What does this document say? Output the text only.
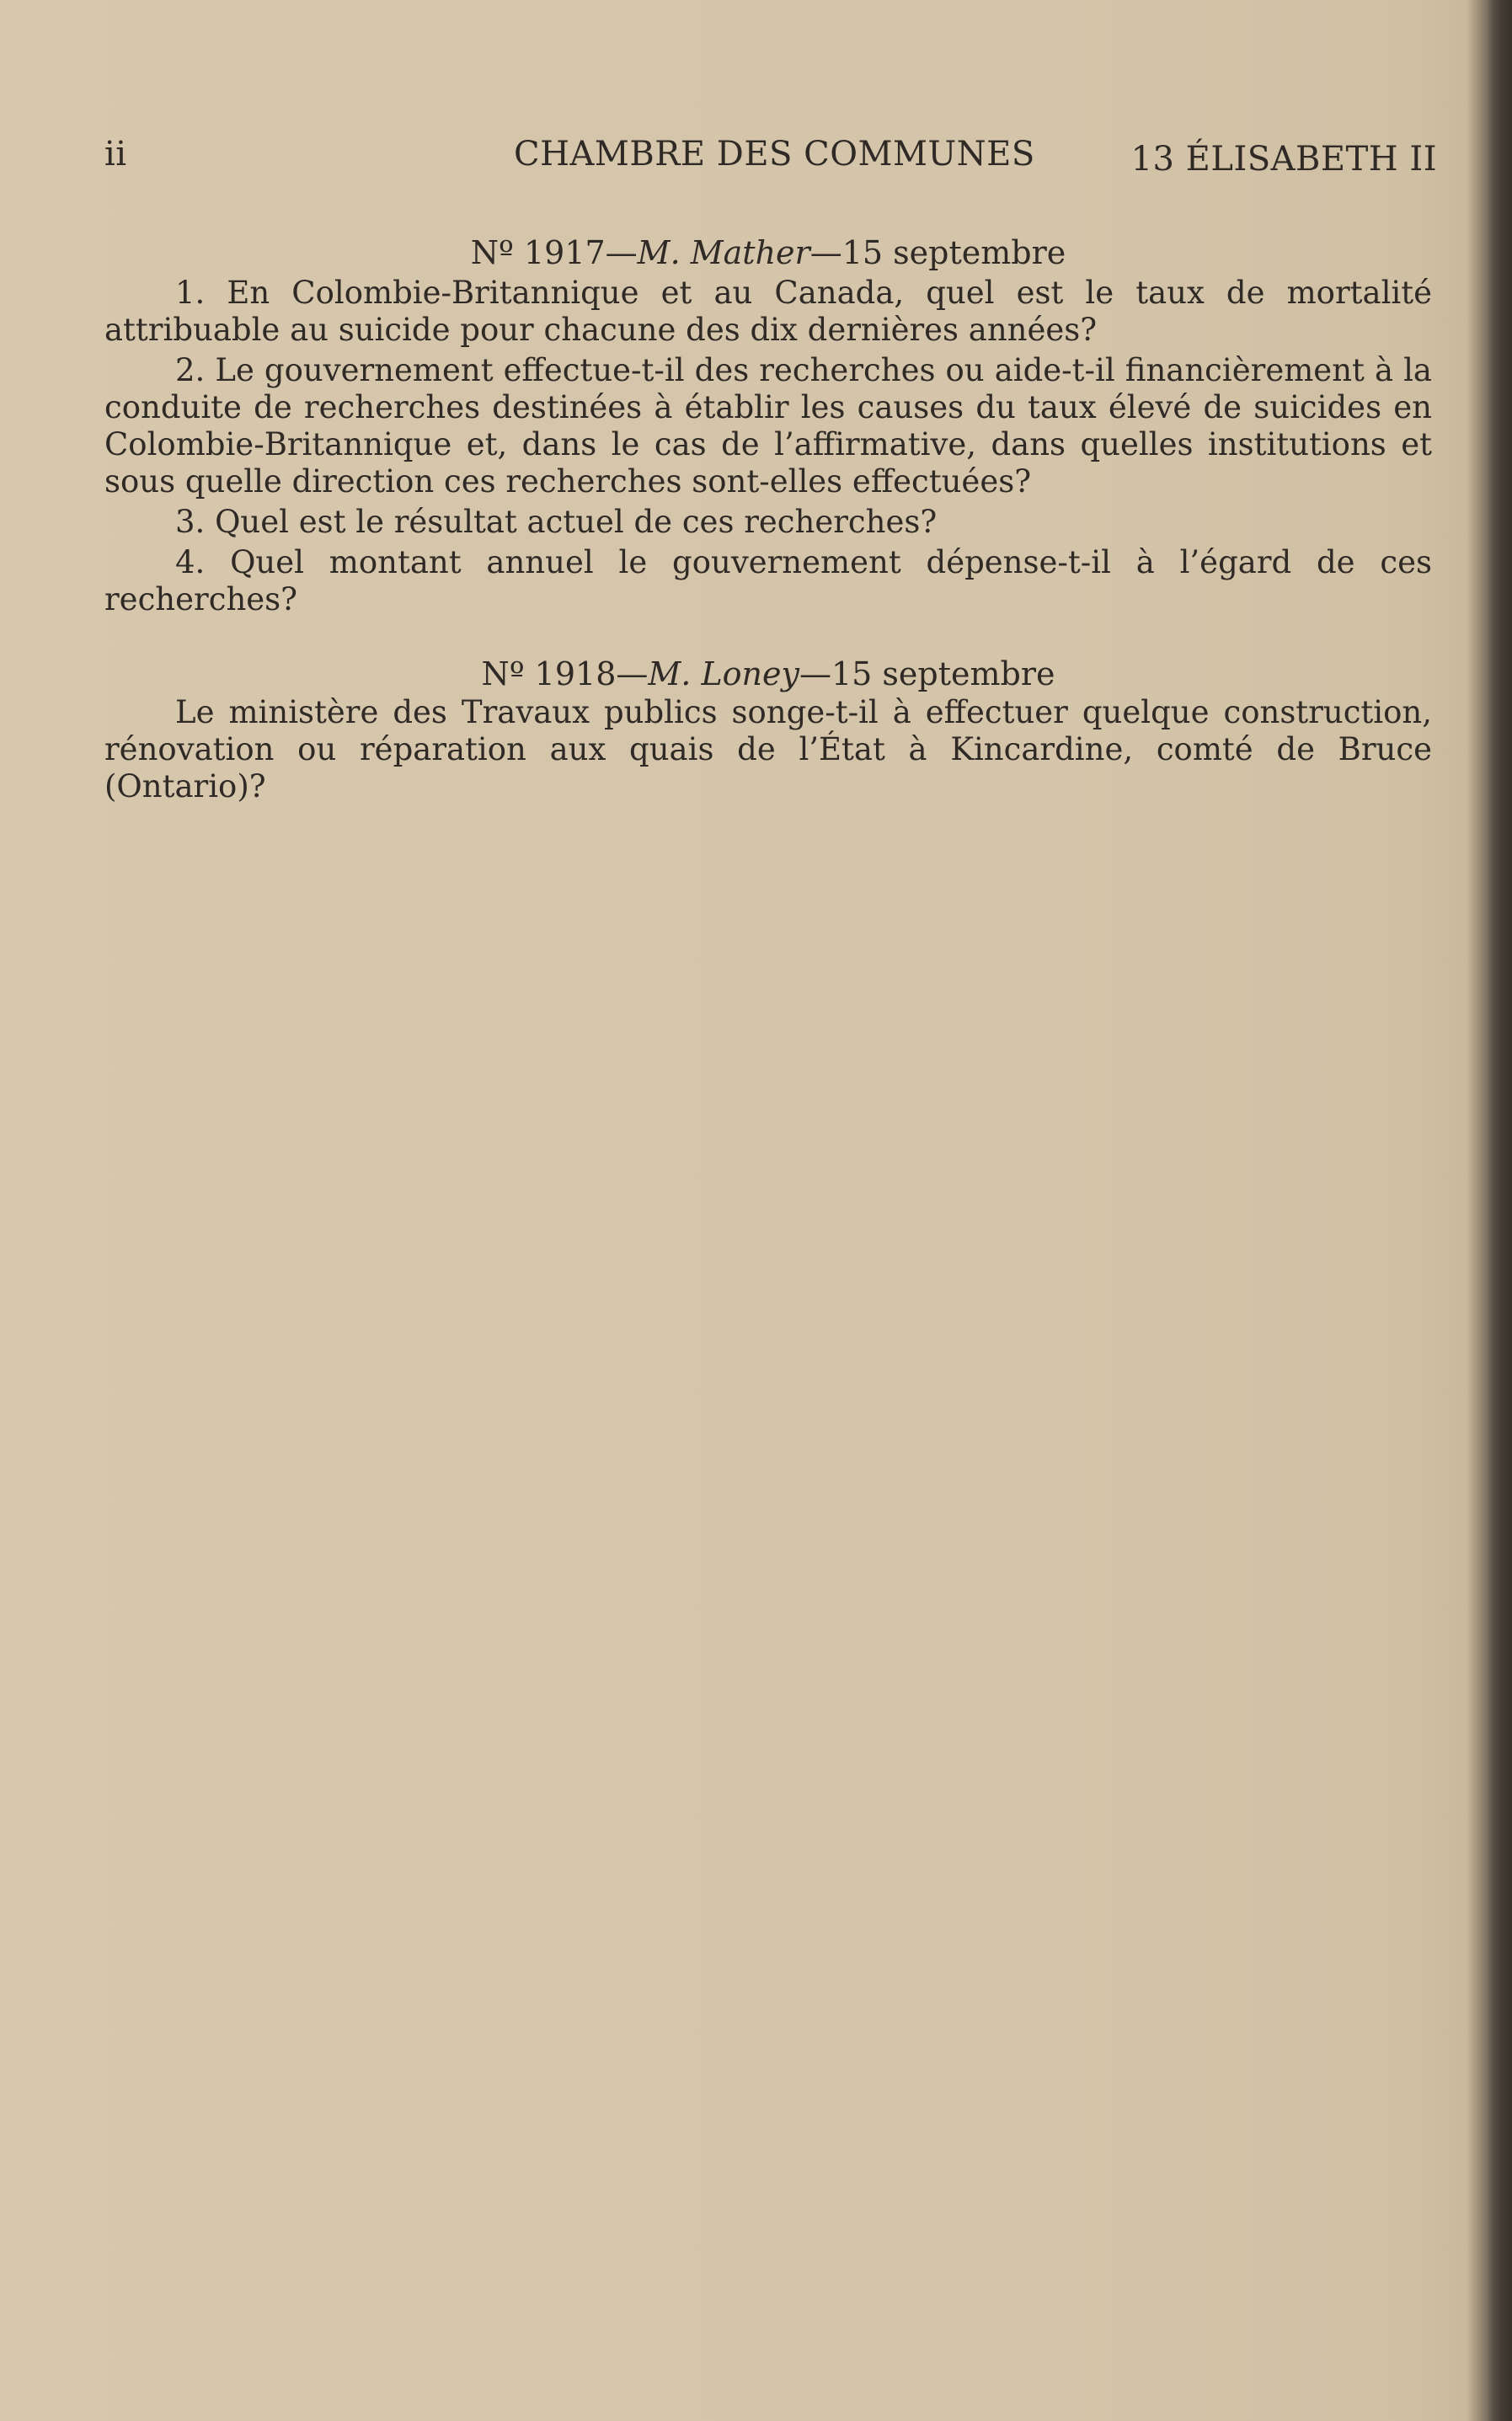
ii	CHAMBRE DES COMMUNES	13 ÉLISABETH II
Nº 1917—M. Mather—15 septembre

1. En Colombie-Britannique et au Canada, quel est le taux de mortalité attribuable au suicide pour chacune des dix dernières années?

2. Le gouvernement effectue-t-il des recherches ou aide-t-il financièrement à la conduite de recherches destinées à établir les causes du taux élevé de suicides en Colombie-Britannique et, dans le cas de l’affirmative, dans quelles institutions et sous quelle direction ces recherches sont-elles effectuées?

3. Quel est le résultat actuel de ces recherches?

4. Quel montant annuel le gouvernement dépense-t-il à l’égard de ces recherches?

Nº 1918—M. Loney—15 septembre

Le ministère des Travaux publics songe-t-il à effectuer quelque construction, rénovation ou réparation aux quais de l’État à Kincardine, comté de Bruce (Ontario)?
